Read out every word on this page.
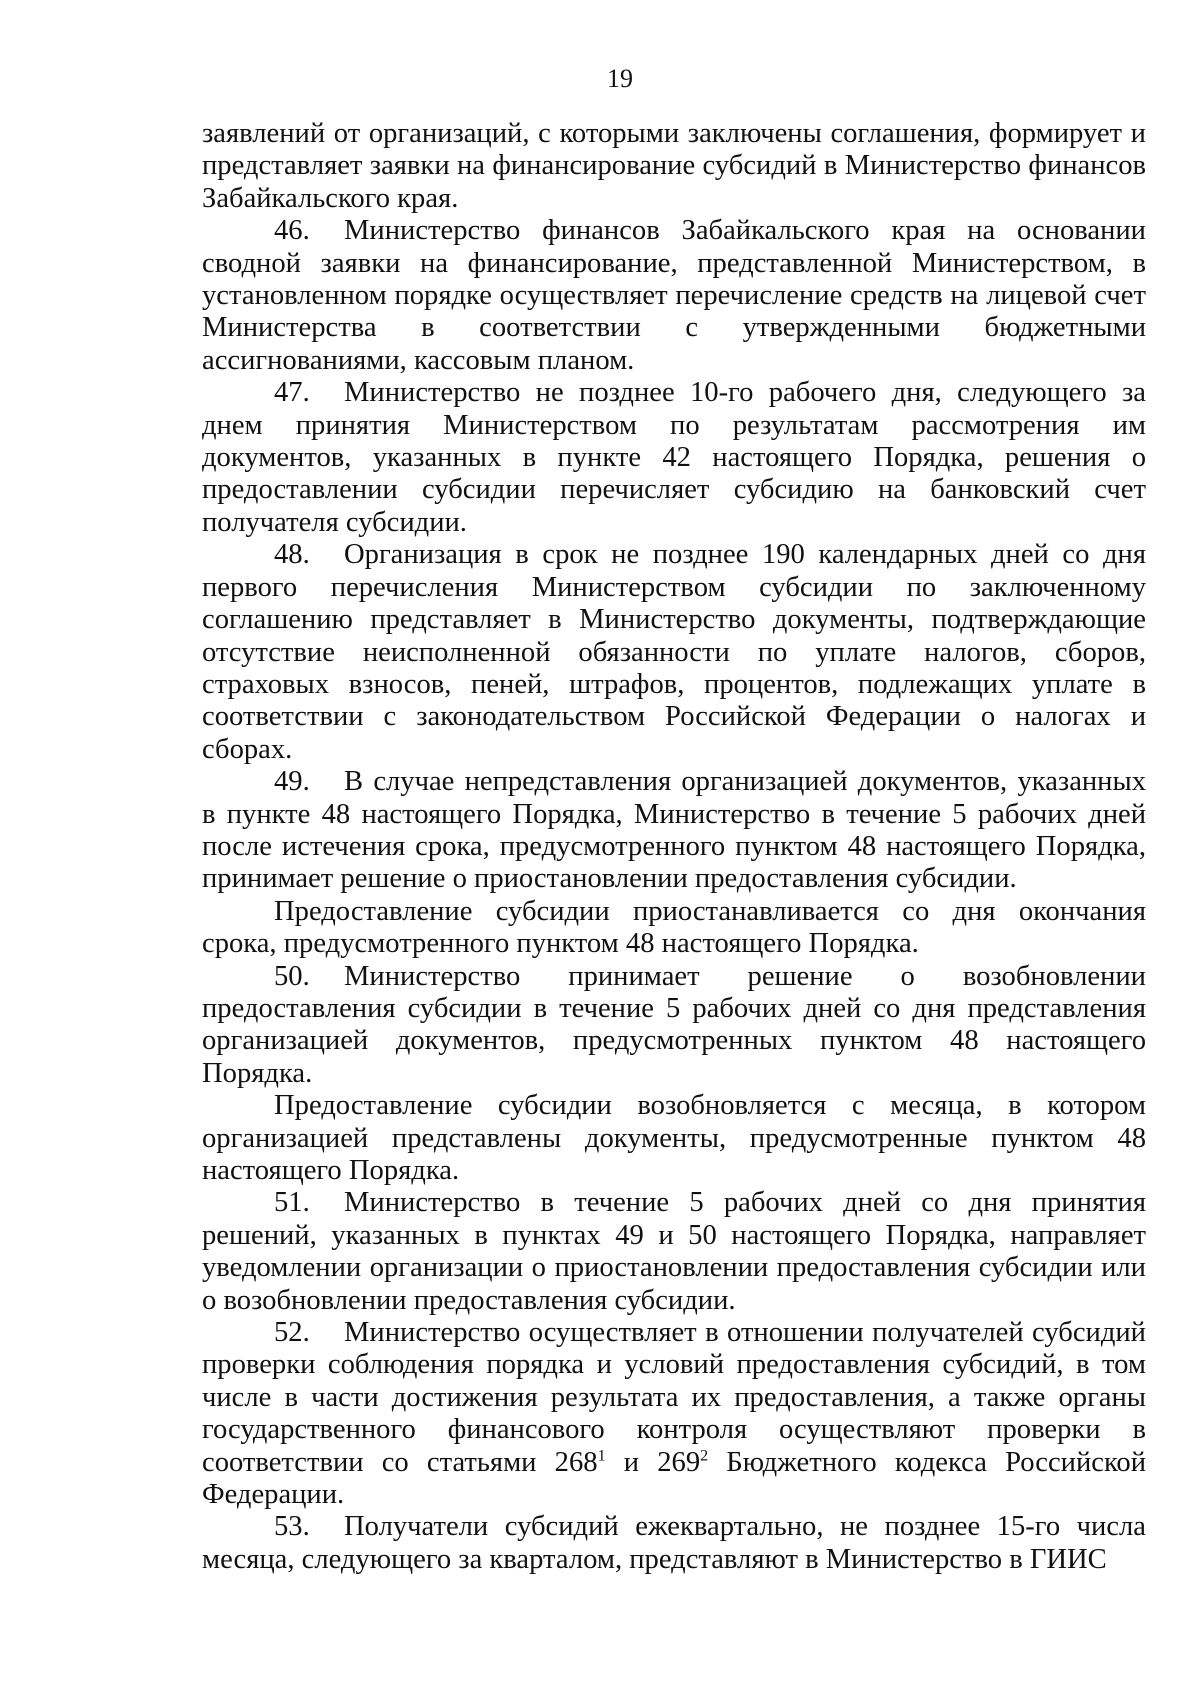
19

заявлений от организаций, с которыми заключены соглашения, формирует и представляет заявки на финансирование субсидий в Министерство финансов Забайкальского края.

46. Министерство финансов Забайкальского края на основании сводной заявки на финансирование, представленной Министерством, в установленном порядке осуществляет перечисление средств на лицевой счет Министерства в соответствии с утвержденными бюджетными ассигнованиями, кассовым планом.

47. Министерство не позднее 10-го рабочего дня, следующего за днем принятия Министерством по результатам рассмотрения им документов, указанных в пункте 42 настоящего Порядка, решения о предоставлении субсидии перечисляет субсидию на банковский счет получателя субсидии.

48. Организация в срок не позднее 190 календарных дней со дня первого перечисления Министерством субсидии по заключенному соглашению представляет в Министерство документы, подтверждающие отсутствие неисполненной обязанности по уплате налогов, сборов, страховых взносов, пеней, штрафов, процентов, подлежащих уплате в соответствии с законодательством Российской Федерации о налогах и сборах.

49. В случае непредставления организацией документов, указанных в пункте 48 настоящего Порядка, Министерство в течение 5 рабочих дней после истечения срока, предусмотренного пунктом 48 настоящего Порядка, принимает решение о приостановлении предоставления субсидии.

Предоставление субсидии приостанавливается со дня окончания срока, предусмотренного пунктом 48 настоящего Порядка.

50. Министерство принимает решение о возобновлении предоставления субсидии в течение 5 рабочих дней со дня представления организацией документов, предусмотренных пунктом 48 настоящего Порядка.

Предоставление субсидии возобновляется с месяца, в котором организацией представлены документы, предусмотренные пунктом 48 настоящего Порядка.

51. Министерство в течение 5 рабочих дней со дня принятия решений, указанных в пунктах 49 и 50 настоящего Порядка, направляет уведомлении организации о приостановлении предоставления субсидии или о возобновлении предоставления субсидии.

52. Министерство осуществляет в отношении получателей субсидий проверки соблюдения порядка и условий предоставления субсидий, в том числе в части достижения результата их предоставления, а также органы государственного финансового контроля осуществляют проверки в соответствии со статьями $268^1$ и $269^2$ Бюджетного кодекса Российской Федерации.

53. Получатели субсидий ежеквартально, не позднее 15-го числа месяца, следующего за кварталом, представляют в Министерство в ГИИС
